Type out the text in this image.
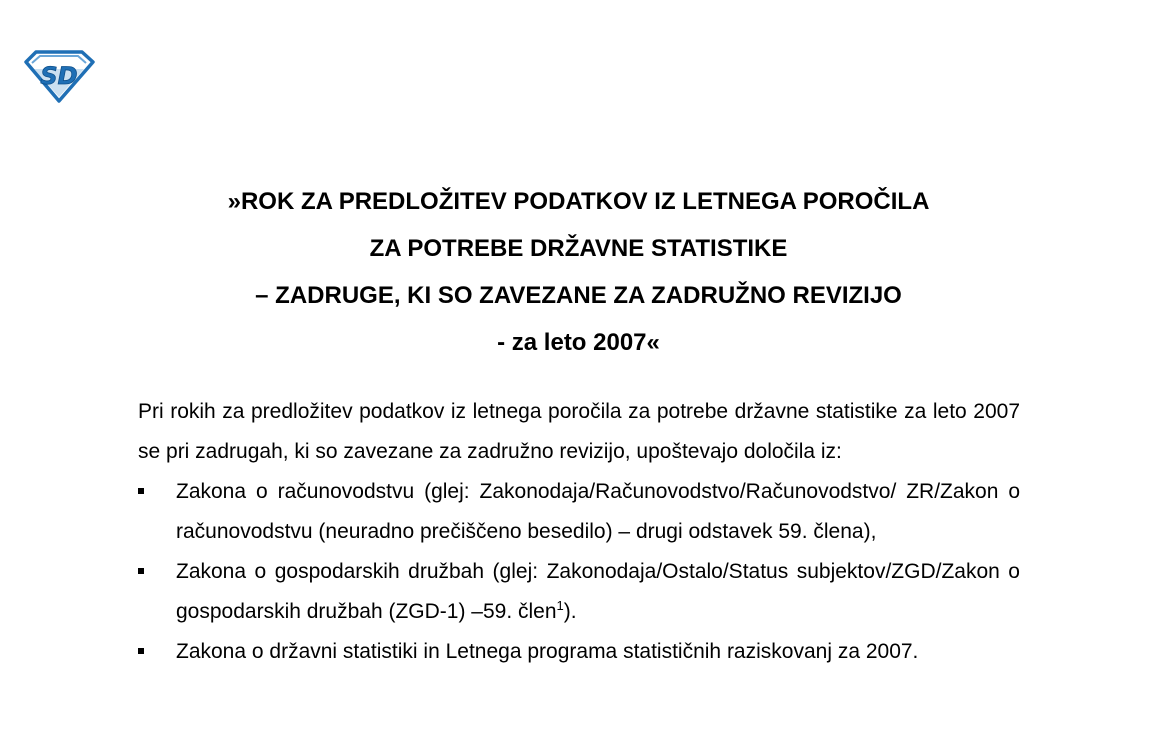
SD
»ROK ZA PREDLOŽITEV PODATKOV IZ LETNEGA POROČILA
ZA POTREBE DRŽAVNE STATISTIKE
– ZADRUGE, KI SO ZAVEZANE ZA ZADRUŽNO REVIZIJO
- za leto 2007«

Pri rokih za predložitev podatkov iz letnega poročila za potrebe državne statistike za leto 2007 se pri zadrugah, ki so zavezane za zadružno revizijo, upoštevajo določila iz:

Zakona o računovodstvu (glej: Zakonodaja/Računovodstvo/Računovodstvo/ ZR/Zakon o računovodstvu (neuradno prečiščeno besedilo) – drugi odstavek 59. člena),
Zakona o gospodarskih družbah (glej: Zakonodaja/Ostalo/Status subjektov/ZGD/Zakon o gospodarskih družbah (ZGD-1) –59. člen$^1$).
Zakona o državni statistiki in Letnega programa statističnih raziskovanj za 2007.
